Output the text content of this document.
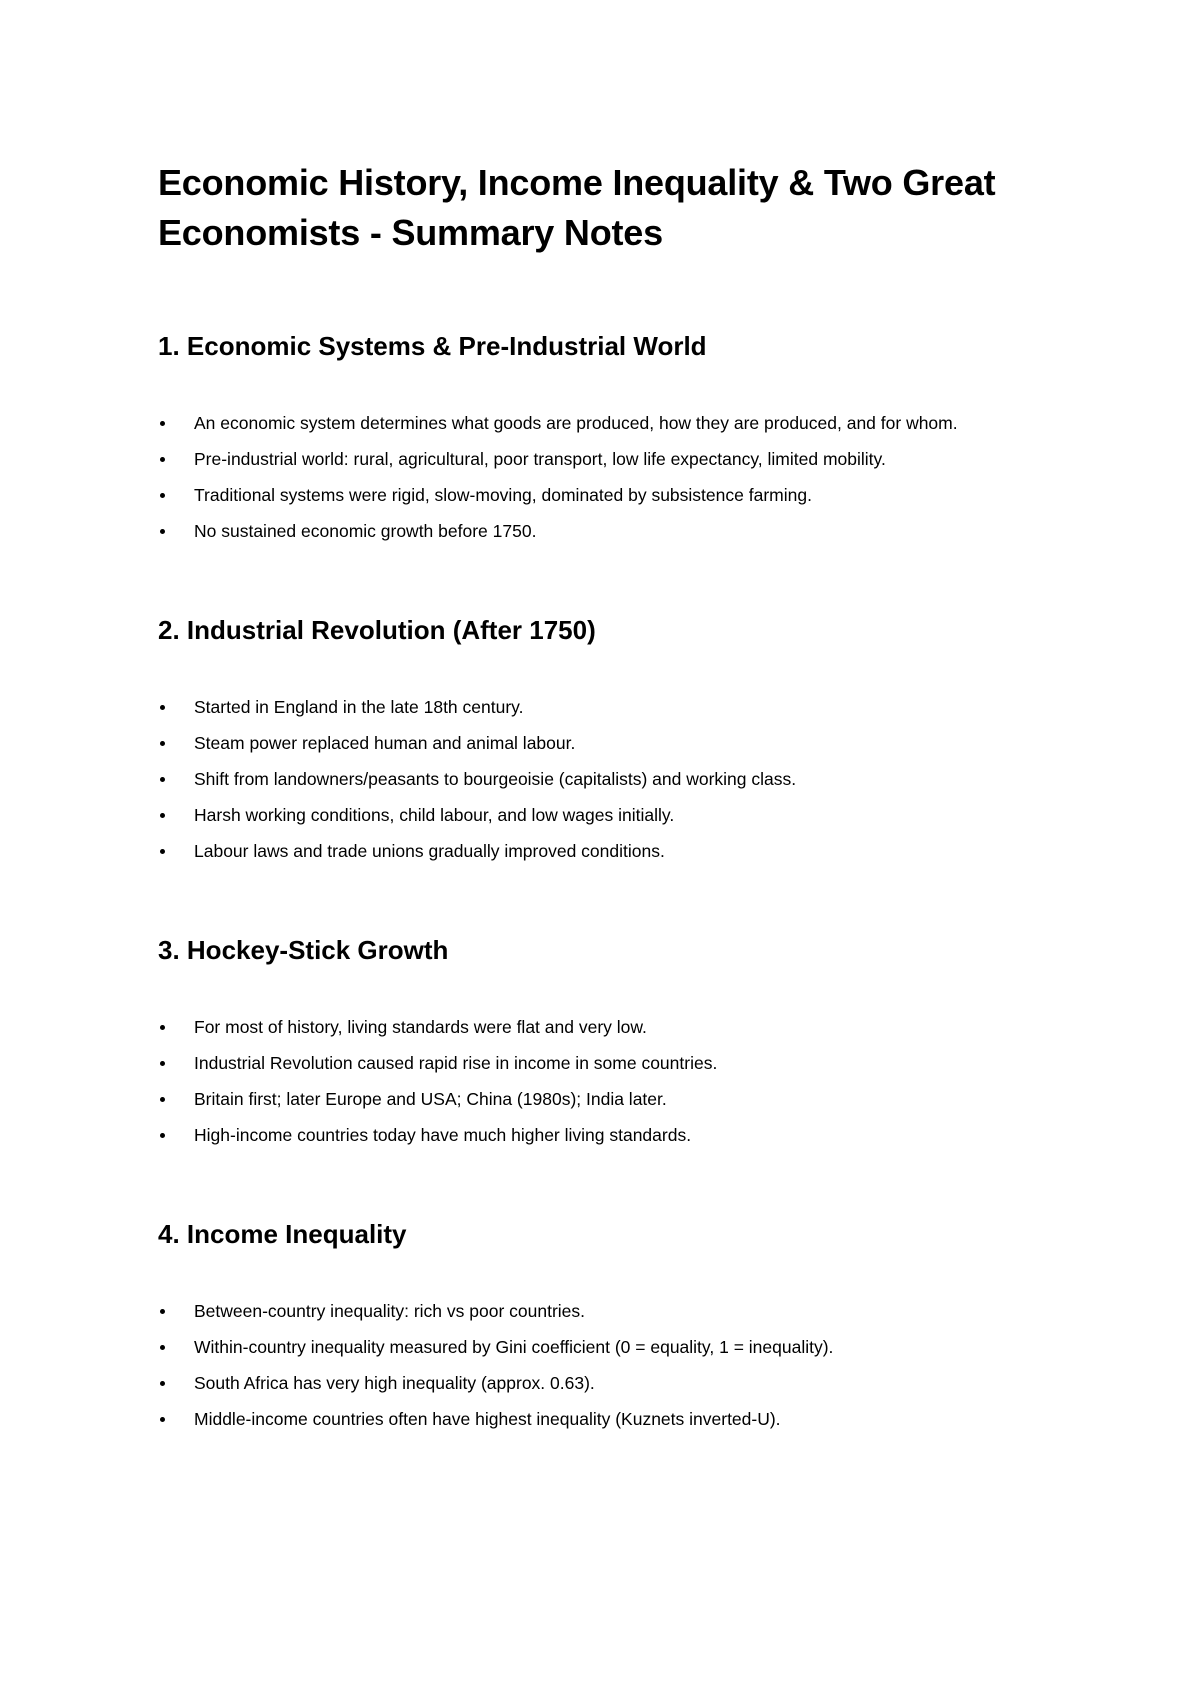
Economic History, Income Inequality & Two Great Economists - Summary Notes
1. Economic Systems & Pre-Industrial World
An economic system determines what goods are produced, how they are produced, and for whom.
Pre-industrial world: rural, agricultural, poor transport, low life expectancy, limited mobility.
Traditional systems were rigid, slow-moving, dominated by subsistence farming.
No sustained economic growth before 1750.
2. Industrial Revolution (After 1750)
Started in England in the late 18th century.
Steam power replaced human and animal labour.
Shift from landowners/peasants to bourgeoisie (capitalists) and working class.
Harsh working conditions, child labour, and low wages initially.
Labour laws and trade unions gradually improved conditions.
3. Hockey-Stick Growth
For most of history, living standards were flat and very low.
Industrial Revolution caused rapid rise in income in some countries.
Britain first; later Europe and USA; China (1980s); India later.
High-income countries today have much higher living standards.
4. Income Inequality
Between-country inequality: rich vs poor countries.
Within-country inequality measured by Gini coefficient (0 = equality, 1 = inequality).
South Africa has very high inequality (approx. 0.63).
Middle-income countries often have highest inequality (Kuznets inverted-U).
